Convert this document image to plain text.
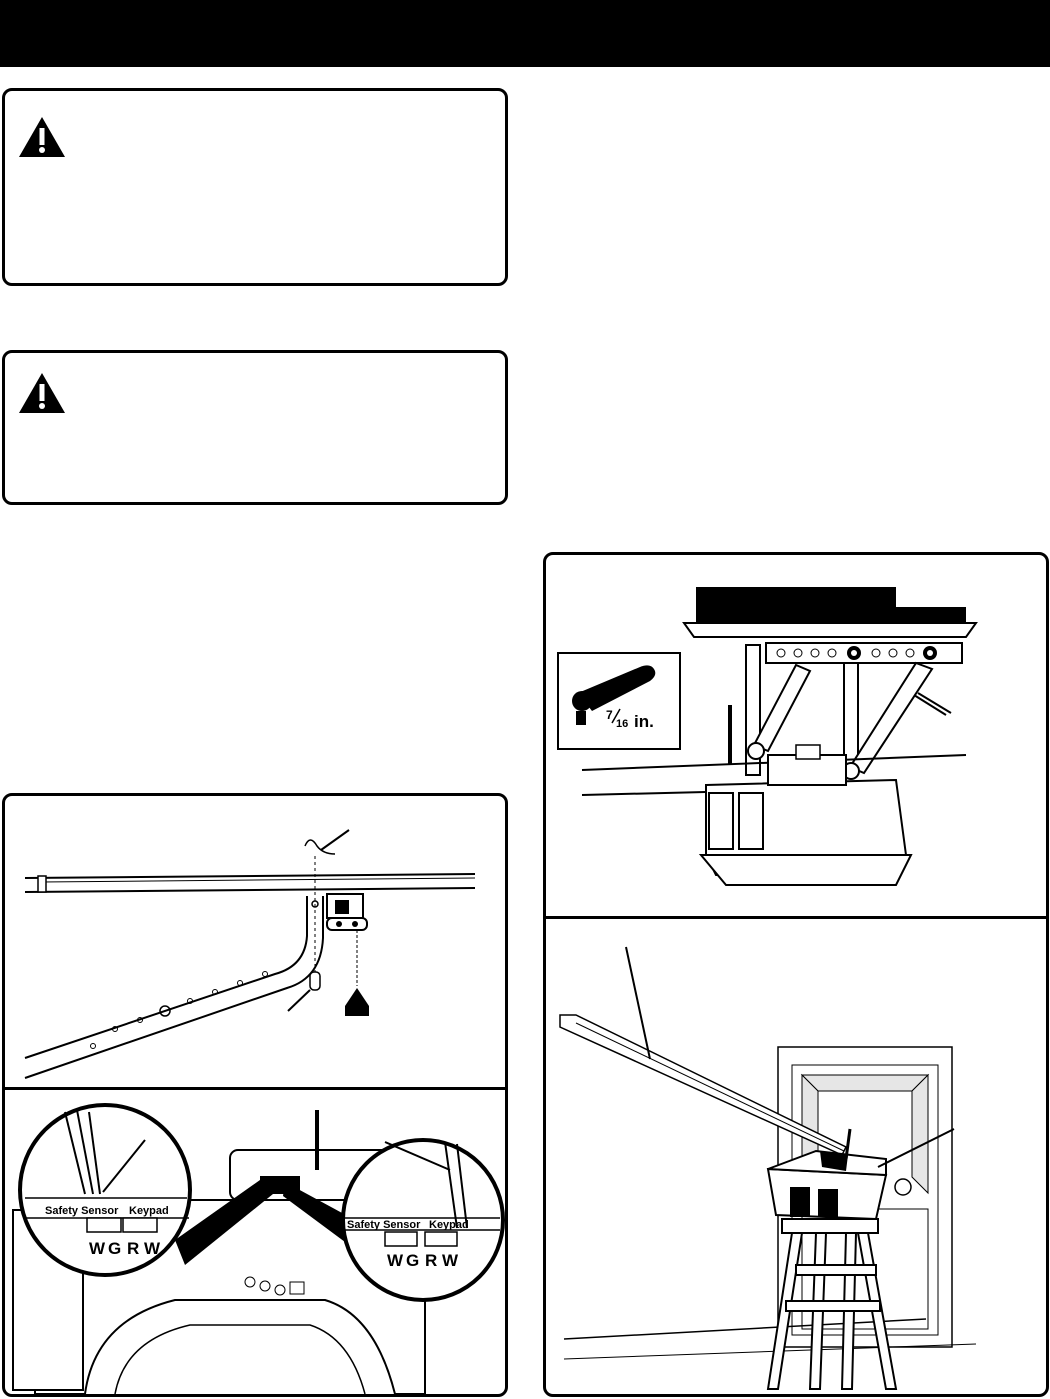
Safety Sensor Keypad
W G R W
Safety Sensor Keypad
W G R W
7
16 in.
